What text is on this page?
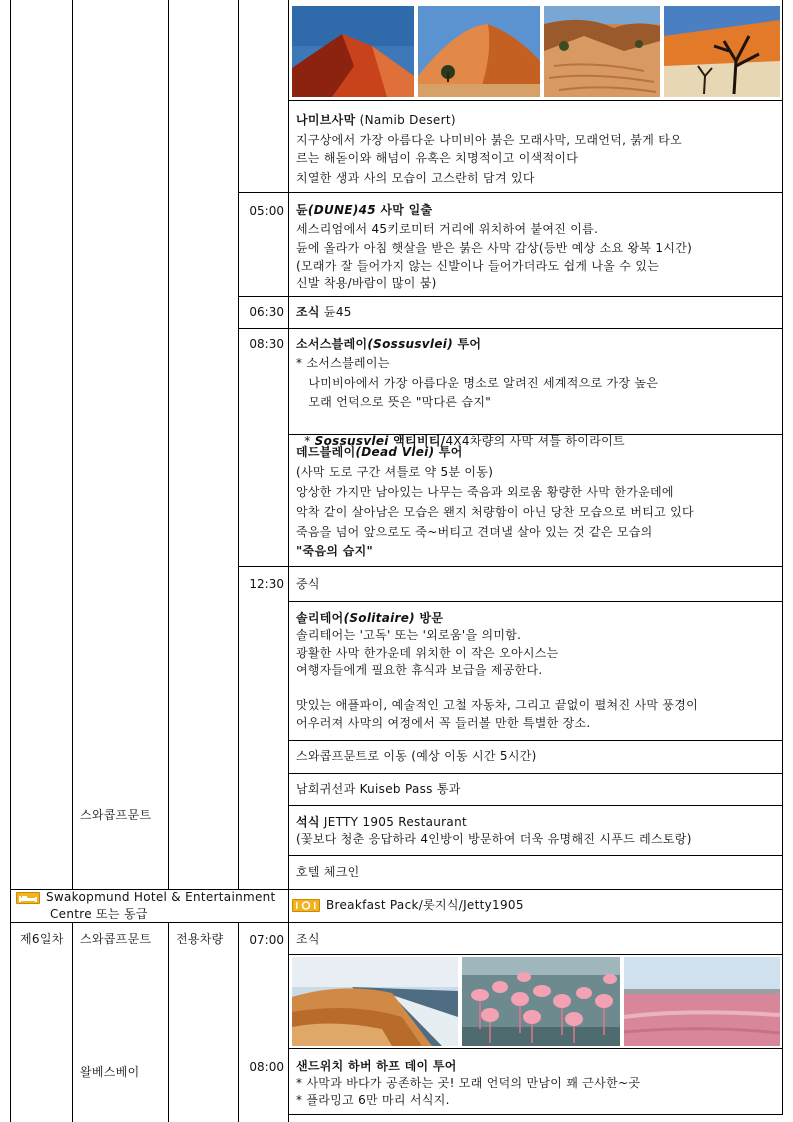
나미브사막 (Namib Desert)
지구상에서 가장 아름다운 나미비아 붉은 모래사막, 모래언덕, 붉게 타오
르는 해돋이와 해넘이 유혹은 치명적이고 이색적이다
치열한 생과 사의 모습이 고스란히 담겨 있다
05:00 듄(DUNE)45 사막 일출
세스리엄에서 45키로미터 거리에 위치하여 붙여진 이름.
듄에 올라가 아침 햇살을 받은 붉은 사막 감상(등반 예상 소요 왕복 1시간)
(모래가 잘 들어가지 않는 신발이나 들어가더라도 쉽게 나올 수 있는
신발 착용/바람이 많이 붐)
06:30 조식 듄45
08:30 소서스블레이(Sossusvlei) 투어
* 소서스블레이는
나미비아에서 가장 아름다운 명소로 알려진 세계적으로 가장 높은
모래 언덕으로 뜻은 "막다른 습지"

* Sossusvlei 액티비티/4X4차량의 사막 셔틀 하이라이트

데드블레이(Dead Vlei) 투어
(사막 도로 구간 셔틀로 약 5분 이동)
앙상한 가지만 남아있는 나무는 죽음과 외로움 황량한 사막 한가운데에
악착 같이 살아남은 모습은 왠지 처량함이 아닌 당찬 모습으로 버티고 있다
죽음을 넘어 앞으로도 죽~버티고 견뎌낼 살아 있는 것 같은 모습의
"죽음의 습지"
12:30 중식
솔리테어(Solitaire) 방문
솔리테어는 '고독' 또는 '외로움'을 의미함.
광활한 사막 한가운데 위치한 이 작은 오아시스는
여행자들에게 필요한 휴식과 보급을 제공한다.
맛있는 애플파이, 예술적인 고철 자동차, 그리고 끝없이 펼쳐진 사막 풍경이
어우러져 사막의 여정에서 꼭 들러볼 만한 특별한 장소.
스와콥프문트로 이동 (예상 이동 시간 5시간)
남회귀선과 Kuiseb Pass 통과
석식 JETTY 1905 Restaurant
(꽃보다 청춘 응답하라 4인방이 방문하여 더욱 유명해진 시푸드 레스토랑)
호텔 체크인
스와콥프문트
Swakopmund Hotel & Entertainment
Centre 또는 동급
Breakfast Pack/롯지식/Jetty1905
제6일차 스와콥프문트 전용차량	07:00 조식
왈베스베이	08:00 샌드위치 하버 하프 데이 투어
* 사막과 바다가 공존하는 곳! 모래 언덕의 만남이 꽤 근사한~곳
* 플라밍고 6만 마리 서식지.
